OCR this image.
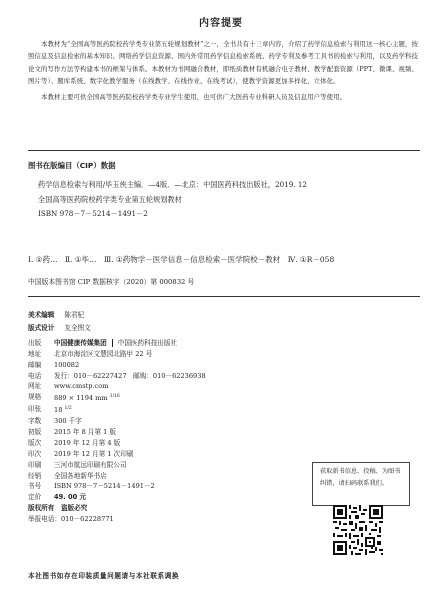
内容提要

本教材为“全国高等医药院校药学类专业第五轮规划教材”之一，全书共有十三章内容，介绍了药学信息检索与利用这一核心主题，按照信息及信息检索的基本知识、网络药学信息资源、国内外常用药学信息检索系统、药学专利及参考工具书的检索与利用，以及药学科技论文的写作方法等构建本书的框架与体系。本教材为书网融合教材，即纸质教材有机融合电子教材、教学配套资源（PPT、微课、视频、图片等）、题库系统、数字化教学服务（在线教学、在线作业、在线考试），使教学资源更加多样化、立体化。

本教材主要可供全国高等医药院校药学类专业学生使用，也可供广大医药专业科研人员及信息用户等使用。

图书在版编目（CIP）数据
药学信息检索与利用/毕玉侠主编．—4版．—北京：中国医药科技出版社，2019. 12
全国高等医药院校药学类专业第五轮规划教材
ISBN 978－7－5214－1491－2
Ⅰ. ①药…　Ⅱ. ①毕…　Ⅲ. ①药物学－医学信息－信息检索－医学院校－教材　Ⅳ. ①R－058
中国版本图书馆 CIP 数据核字（2020）第 000832 号
美术编辑 陈君杞
版式设计 友全图文
出版	中国健康传媒集团 中国医药科技出版社
地址	北京市海淀区文慧园北路甲 22 号
邮编	100082
电话	发行：010－62227427　邮购：010－62236938
网址	www.cmstp.com
规格	889 × 1194 mm $^{1/16}$
印张	18 $^{1/2}$
字数	300 千字
初版	2015 年 8 月第 1 版
版次	2019 年 12 月第 4 版
印次	2019 年 12 月第 1 次印刷
印刷	三河市航远印刷有限公司
经销	全国各地新华书店
书号	ISBN 978－7－5214－1491－2
定价	49. 00 元
版权所有　盗版必究
举报电话：010－62228771
本社图书如存在印装质量问题请与本社联系调换
获取新书信息、投稿、为图书纠错，请扫码联系我们。
